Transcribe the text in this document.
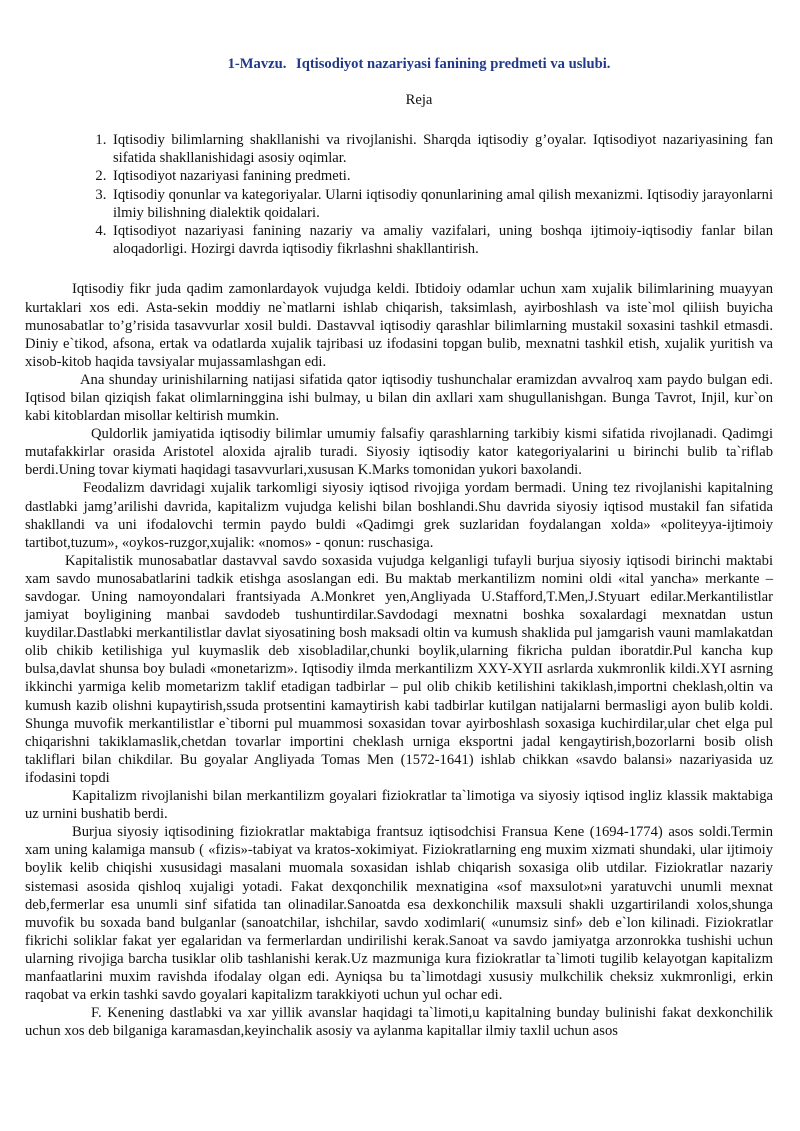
1-Mavzu. Iqtisodiyot nazariyasi fanining predmeti va uslubi.
Reja
1. Iqtisodiy bilimlarning shakllanishi va rivojlanishi. Sharqda iqtisodiy g’oyalar. Iqtisodiyot nazariyasining fan sifatida shakllanishidagi asosiy oqimlar.
2. Iqtisodiyot nazariyasi fanining predmeti.
3. Iqtisodiy qonunlar va kategoriyalar. Ularni iqtisodiy qonunlarining amal qilish mexanizmi. Iqtisodiy jarayonlarni ilmiy bilishning dialektik qoidalari.
4. Iqtisodiyot nazariyasi fanining nazariy va amaliy vazifalari, uning boshqa ijtimoiy-iqtisodiy fanlar bilan aloqadorligi. Hozirgi davrda iqtisodiy fikrlashni shakllantirish.

Iqtisodiy fikr juda qadim zamonlardayok vujudga keldi. Ibtidoiy odamlar uchun xam xujalik bilimlarining muayyan kurtaklari xos edi. Asta-sekin moddiy ne`matlarni ishlab chiqarish, taksimlash, ayirboshlash va iste`mol qiliish buyicha munosabatlar to’g’risida tasavvurlar xosil buldi. Dastavval iqtisodiy qarashlar bilimlarning mustakil soxasini tashkil etmasdi. Diniy e`tikod, afsona, ertak va odatlarda xujalik tajribasi uz ifodasini topgan bulib, mexnatni tashkil etish, xujalik yuritish va xisob-kitob haqida tavsiyalar mujassamlashgan edi.

Ana shunday urinishilarning natijasi sifatida qator iqtisodiy tushunchalar eramizdan avvalroq xam paydo bulgan edi. Iqtisod bilan qiziqish fakat olimlarninggina ishi bulmay, u bilan din axllari xam shugullanishgan. Bunga Tavrot, Injil, kur`on kabi kitoblardan misollar keltirish mumkin.

Quldorlik jamiyatida iqtisodiy bilimlar umumiy falsafiy qarashlarning tarkibiy kismi sifatida rivojlanadi. Qadimgi mutafakkirlar orasida Aristotel aloxida ajralib turadi. Siyosiy iqtisodiy kator kategoriyalarini u birinchi bulib ta`riflab berdi.Uning tovar kiymati haqidagi tasavvurlari,xususan K.Marks tomonidan yukori baxolandi.

Feodalizm davridagi xujalik tarkomligi siyosiy iqtisod rivojiga yordam bermadi. Uning tez rivojlanishi kapitalning dastlabki jamg’arilishi davrida, kapitalizm vujudga kelishi bilan boshlandi.Shu davrida siyosiy iqtisod mustakil fan sifatida shakllandi va uni ifodalovchi termin paydo buldi «Qadimgi grek suzlaridan foydalangan xolda» «politeyya-ijtimoiy tartibot,tuzum», «oykos-ruzgor,xujalik: «nomos» - qonun: ruschasiga.

Kapitalistik munosabatlar dastavval savdo soxasida vujudga kelganligi tufayli burjua siyosiy iqtisodi birinchi maktabi xam savdo munosabatlarini tadkik etishga asoslangan edi. Bu maktab merkantilizm nomini oldi «ital yancha» merkante – savdogar. Uning namoyondalari frantsiyada A.Monkret yen,Angliyada U.Stafford,T.Men,J.Styuart edilar.Merkantilistlar jamiyat boyligining manbai savdodeb tushuntirdilar.Savdodagi mexnatni boshka soxalardagi mexnatdan ustun kuydilar.Dastlabki merkantilistlar davlat siyosatining bosh maksadi oltin va kumush shaklida pul jamgarish vauni mamlakatdan olib chikib ketilishiga yul kuymaslik deb xisobladilar,chunki boylik,ularning fikricha puldan iboratdir.Pul kancha kup bulsa,davlat shunsa boy buladi «monetarizm». Iqtisodiy ilmda merkantilizm XXY-XYII asrlarda xukmronlik kildi.XYI asrning ikkinchi yarmiga kelib mometarizm taklif etadigan tadbirlar – pul olib chikib ketilishini takiklash,importni cheklash,oltin va kumush kazib olishni kupaytirish,ssuda protsentini kamaytirish kabi tadbirlar kutilgan natijalarni bermasligi ayon bulib koldi. Shunga muvofik merkantilistlar e`tiborni pul muammosi soxasidan tovar ayirboshlash soxasiga kuchirdilar,ular chet elga pul chiqarishni takiklamaslik,chetdan tovarlar importini cheklash urniga eksportni jadal kengaytirish,bozorlarni bosib olish takliflari bilan chikdilar. Bu goyalar Angliyada Tomas Men (1572-1641) ishlab chikkan «savdo balansi» nazariyasida uz ifodasini topdi

Kapitalizm rivojlanishi bilan merkantilizm goyalari fiziokratlar ta`limotiga va siyosiy iqtisod ingliz klassik maktabiga uz urnini bushatib berdi.

Burjua siyosiy iqtisodining fiziokratlar maktabiga frantsuz iqtisodchisi Fransua Kene (1694-1774) asos soldi.Termin xam uning kalamiga mansub ( «fizis»-tabiyat va kratos-xokimiyat. Fiziokratlarning eng muxim xizmati shundaki, ular ijtimoiy boylik kelib chiqishi xususidagi masalani muomala soxasidan ishlab chiqarish soxasiga olib utdilar. Fiziokratlar nazariy sistemasi asosida qishloq xujaligi yotadi. Fakat dexqonchilik mexnatigina «sof maxsulot»ni yaratuvchi unumli mexnat deb,fermerlar esa unumli sinf sifatida tan olinadilar.Sanoatda esa dexkonchilik maxsuli shakli uzgartirilandi xolos,shunga muvofik bu soxada band bulganlar (sanoatchilar, ishchilar, savdo xodimlari( «unumsiz sinf» deb e`lon kilinadi. Fiziokratlar fikrichi soliklar fakat yer egalaridan va fermerlardan undirilishi kerak.Sanoat va savdo jamiyatga arzonrokka tushishi uchun ularning rivojiga barcha tusiklar olib tashlanishi kerak.Uz mazmuniga kura fiziokratlar ta`limoti tugilib kelayotgan kapitalizm manfaatlarini muxim ravishda ifodalay olgan edi. Ayniqsa bu ta`limotdagi xususiy mulkchilik cheksiz xukmronligi, erkin raqobat va erkin tashki savdo goyalari kapitalizm tarakkiyoti uchun yul ochar edi.

F. Kenening dastlabki va xar yillik avanslar haqidagi ta`limoti,u kapitalning bunday bulinishi fakat dexkonchilik uchun xos deb bilganiga karamasdan,keyinchalik asosiy va aylanma kapitallar ilmiy taxlil uchun asos
